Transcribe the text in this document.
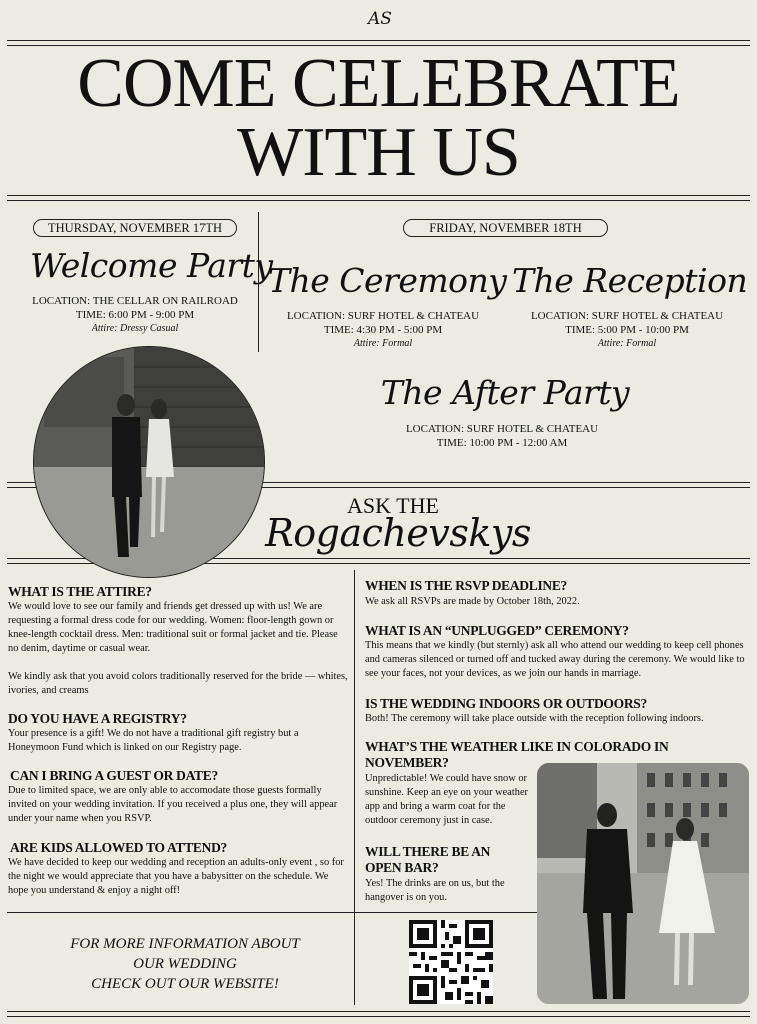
AS
COME CELEBRATE
WITH US
THURSDAY, NOVEMBER 17TH
Welcome Party
LOCATION: THE CELLAR ON RAILROAD
TIME: 6:00 PM - 9:00 PM
Attire: Dressy Casual
FRIDAY, NOVEMBER 18TH
The Ceremony
LOCATION: SURF HOTEL & CHATEAU
TIME: 4:30 PM - 5:00 PM
Attire: Formal
The Reception
LOCATION: SURF HOTEL & CHATEAU
TIME: 5:00 PM - 10:00 PM
Attire: Formal
The After Party
LOCATION: SURF HOTEL & CHATEAU
TIME: 10:00 PM - 12:00 AM
ASK THE
Rogachevskys
WHAT IS THE ATTIRE?
We would love to see our family and friends get dressed up with us! We are requesting a formal dress code for our wedding. Women: floor-length gown or knee-length cocktail dress. Men: traditional suit or formal jacket and tie. Please no denim, daytime or casual wear.
We kindly ask that you avoid colors traditionally reserved for the bride — whites, ivories, and creams
DO YOU HAVE A REGISTRY?
Your presence is a gift! We do not have a traditional gift registry but a Honeymoon Fund which is linked on our Registry page.
CAN I BRING A GUEST OR DATE?
Due to limited space, we are only able to accomodate those guests formally invited on your wedding invitation. If you received a plus one, they will appear under your name when you RSVP.
ARE KIDS ALLOWED TO ATTEND?
We have decided to keep our wedding and reception an adults-only event , so for the night we would appreciate that you have a babysitter on the schedule. We hope you understand & enjoy a night off!
FOR MORE INFORMATION ABOUT
OUR WEDDING
CHECK OUT OUR WEBSITE!
WHEN IS THE RSVP DEADLINE?
We ask all RSVPs are made by October 18th, 2022.
WHAT IS AN “UNPLUGGED” CEREMONY?
This means that we kindly (but sternly) ask all who attend our wedding to keep cell phones and cameras silenced or turned off and tucked away during the ceremony. We would like to see your faces, not your devices, as we join our hands in marriage.
IS THE WEDDING INDOORS OR OUTDOORS?
Both! The ceremony will take place outside with the reception following indoors.
WHAT’S THE WEATHER LIKE IN COLORADO IN NOVEMBER?
Unpredictable! We could have snow or sunshine. Keep an eye on your weather app and bring a warm coat for the outdoor ceremony just in case.
WILL THERE BE AN OPEN BAR?
Yes! The drinks are on us, but the hangover is on you.
